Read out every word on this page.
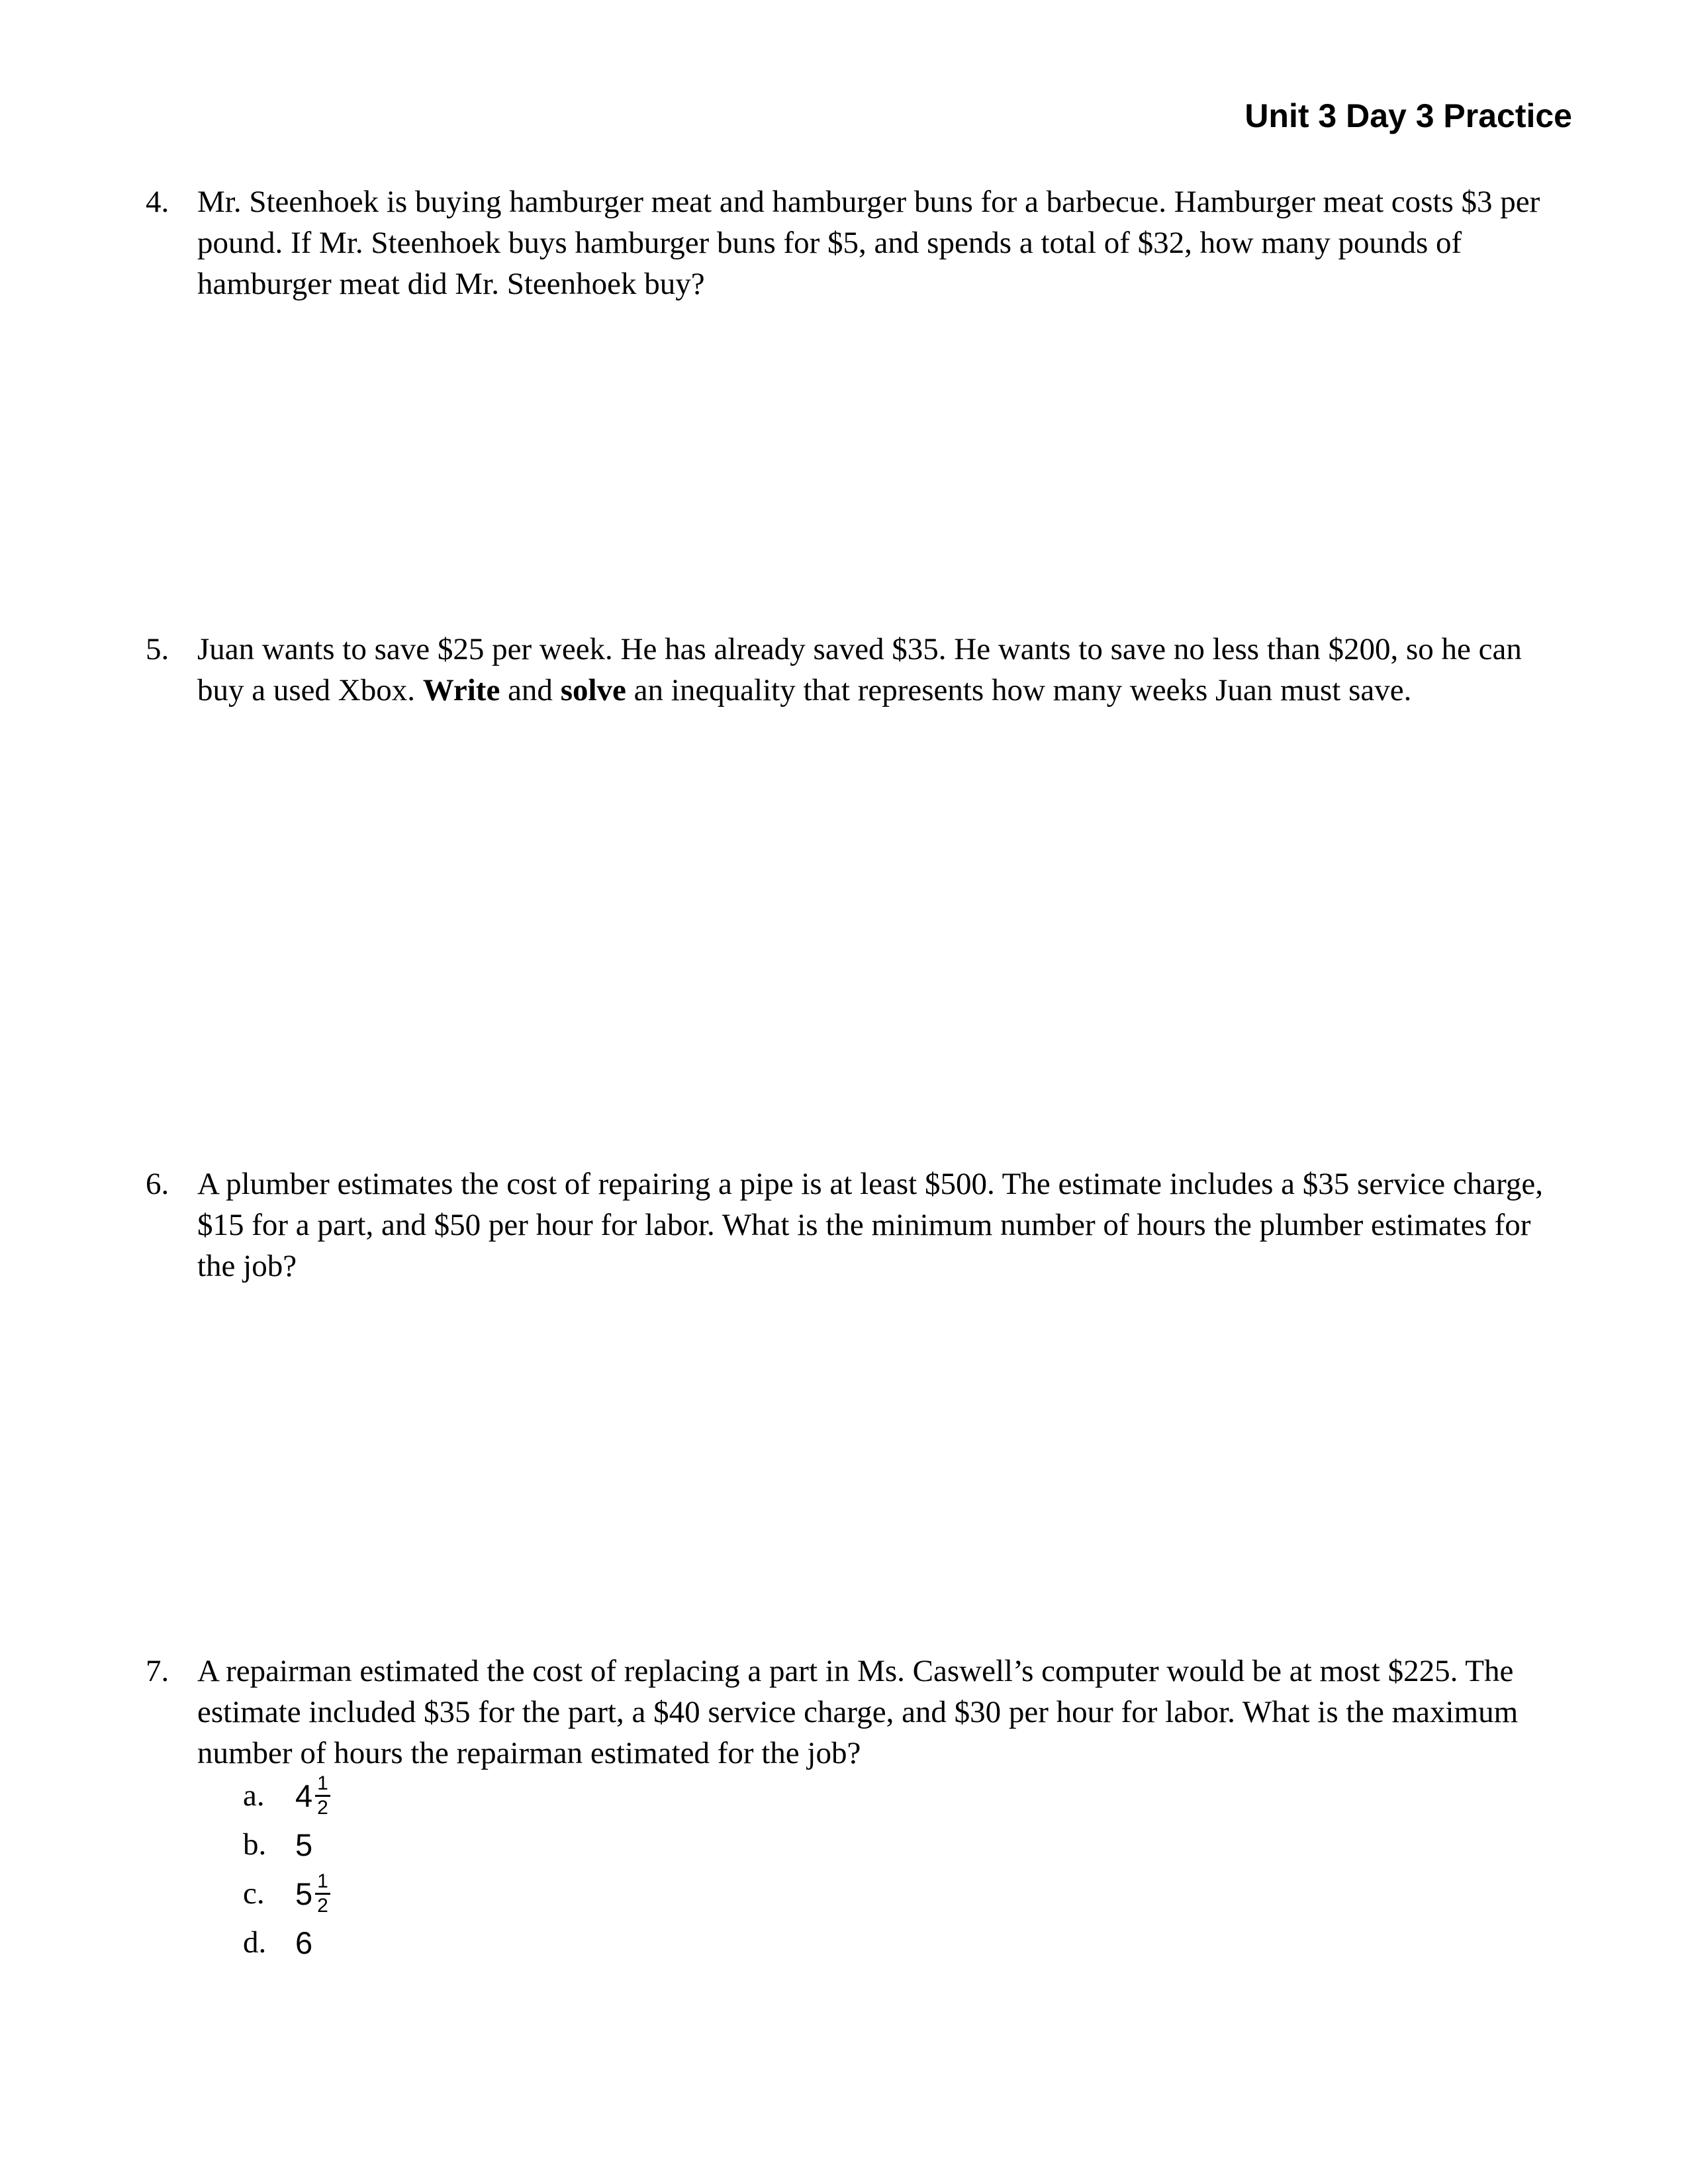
Unit 3 Day 3 Practice
4. Mr. Steenhoek is buying hamburger meat and hamburger buns for a barbecue. Hamburger meat costs $3 per pound. If Mr. Steenhoek buys hamburger buns for $5, and spends a total of $32, how many pounds of hamburger meat did Mr. Steenhoek buy?
5. Juan wants to save $25 per week. He has already saved $35. He wants to save no less than $200, so he can buy a used Xbox. Write and solve an inequality that represents how many weeks Juan must save.
6. A plumber estimates the cost of repairing a pipe is at least $500. The estimate includes a $35 service charge, $15 for a part, and $50 per hour for labor. What is the minimum number of hours the plumber estimates for the job?
7. A repairman estimated the cost of replacing a part in Ms. Caswell’s computer would be at most $225. The estimate included $35 for the part, a $40 service charge, and $30 per hour for labor. What is the maximum number of hours the repairman estimated for the job?
a. $4 \frac{1}{2}$
b. 5
c. $5 \frac{1}{2}$
d. 6
